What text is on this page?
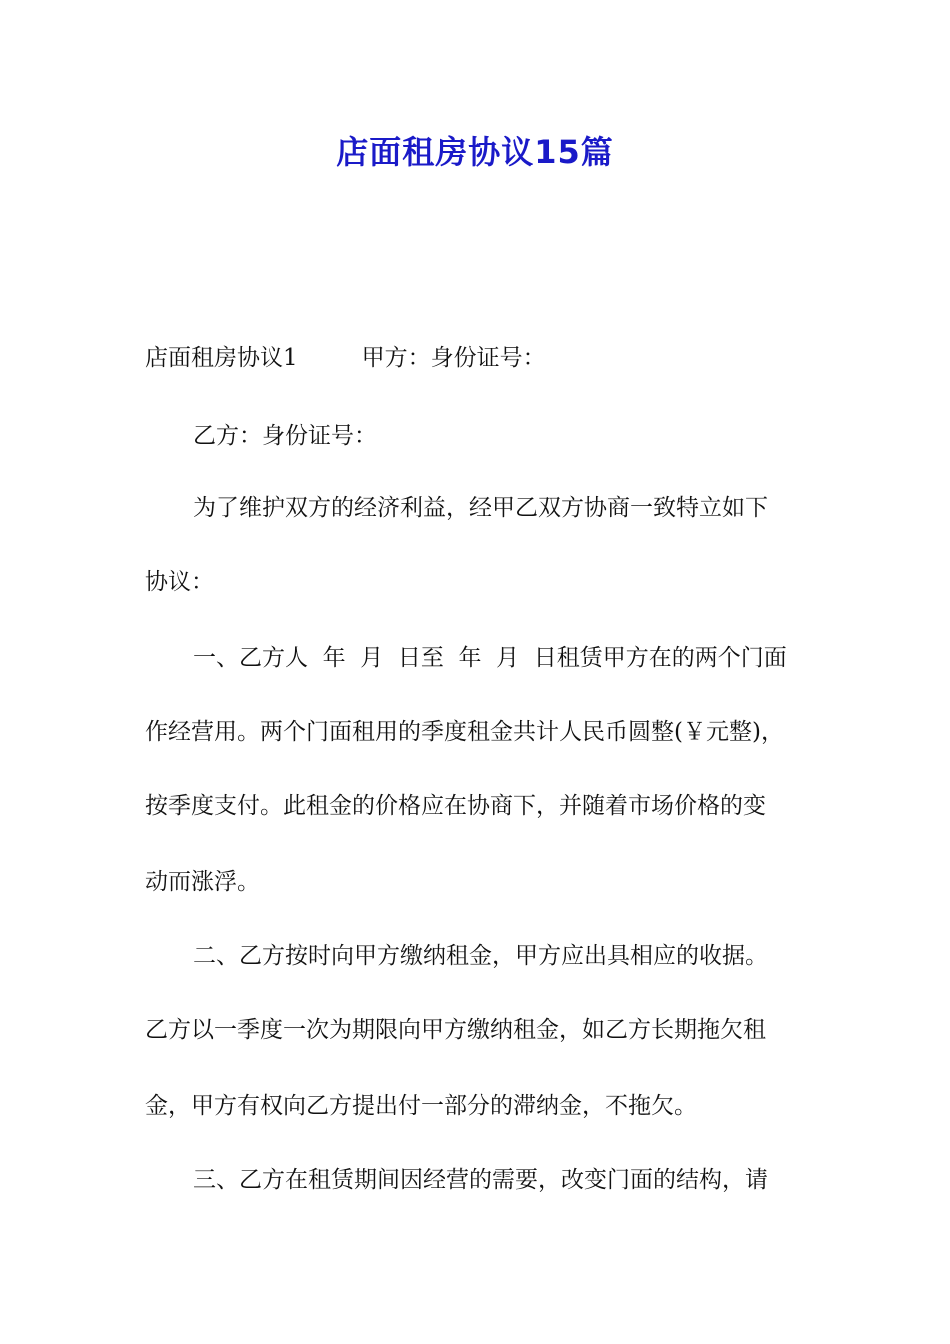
店面租房协议15篇

店面租房协议1	甲方：身份证号：

乙方：身份证号：

为了维护双方的经济利益，经甲乙双方协商一致特立如下

协议：

一、乙方人  年  月  日至  年  月  日租赁甲方在的两个门面

作经营用。两个门面租用的季度租金共计人民币圆整(￥元整)，

按季度支付。此租金的价格应在协商下，并随着市场价格的变

动而涨浮。

二、乙方按时向甲方缴纳租金，甲方应出具相应的收据。

乙方以一季度一次为期限向甲方缴纳租金，如乙方长期拖欠租

金，甲方有权向乙方提出付一部分的滞纳金，不拖欠。

三、乙方在租赁期间因经营的需要，改变门面的结构，请
